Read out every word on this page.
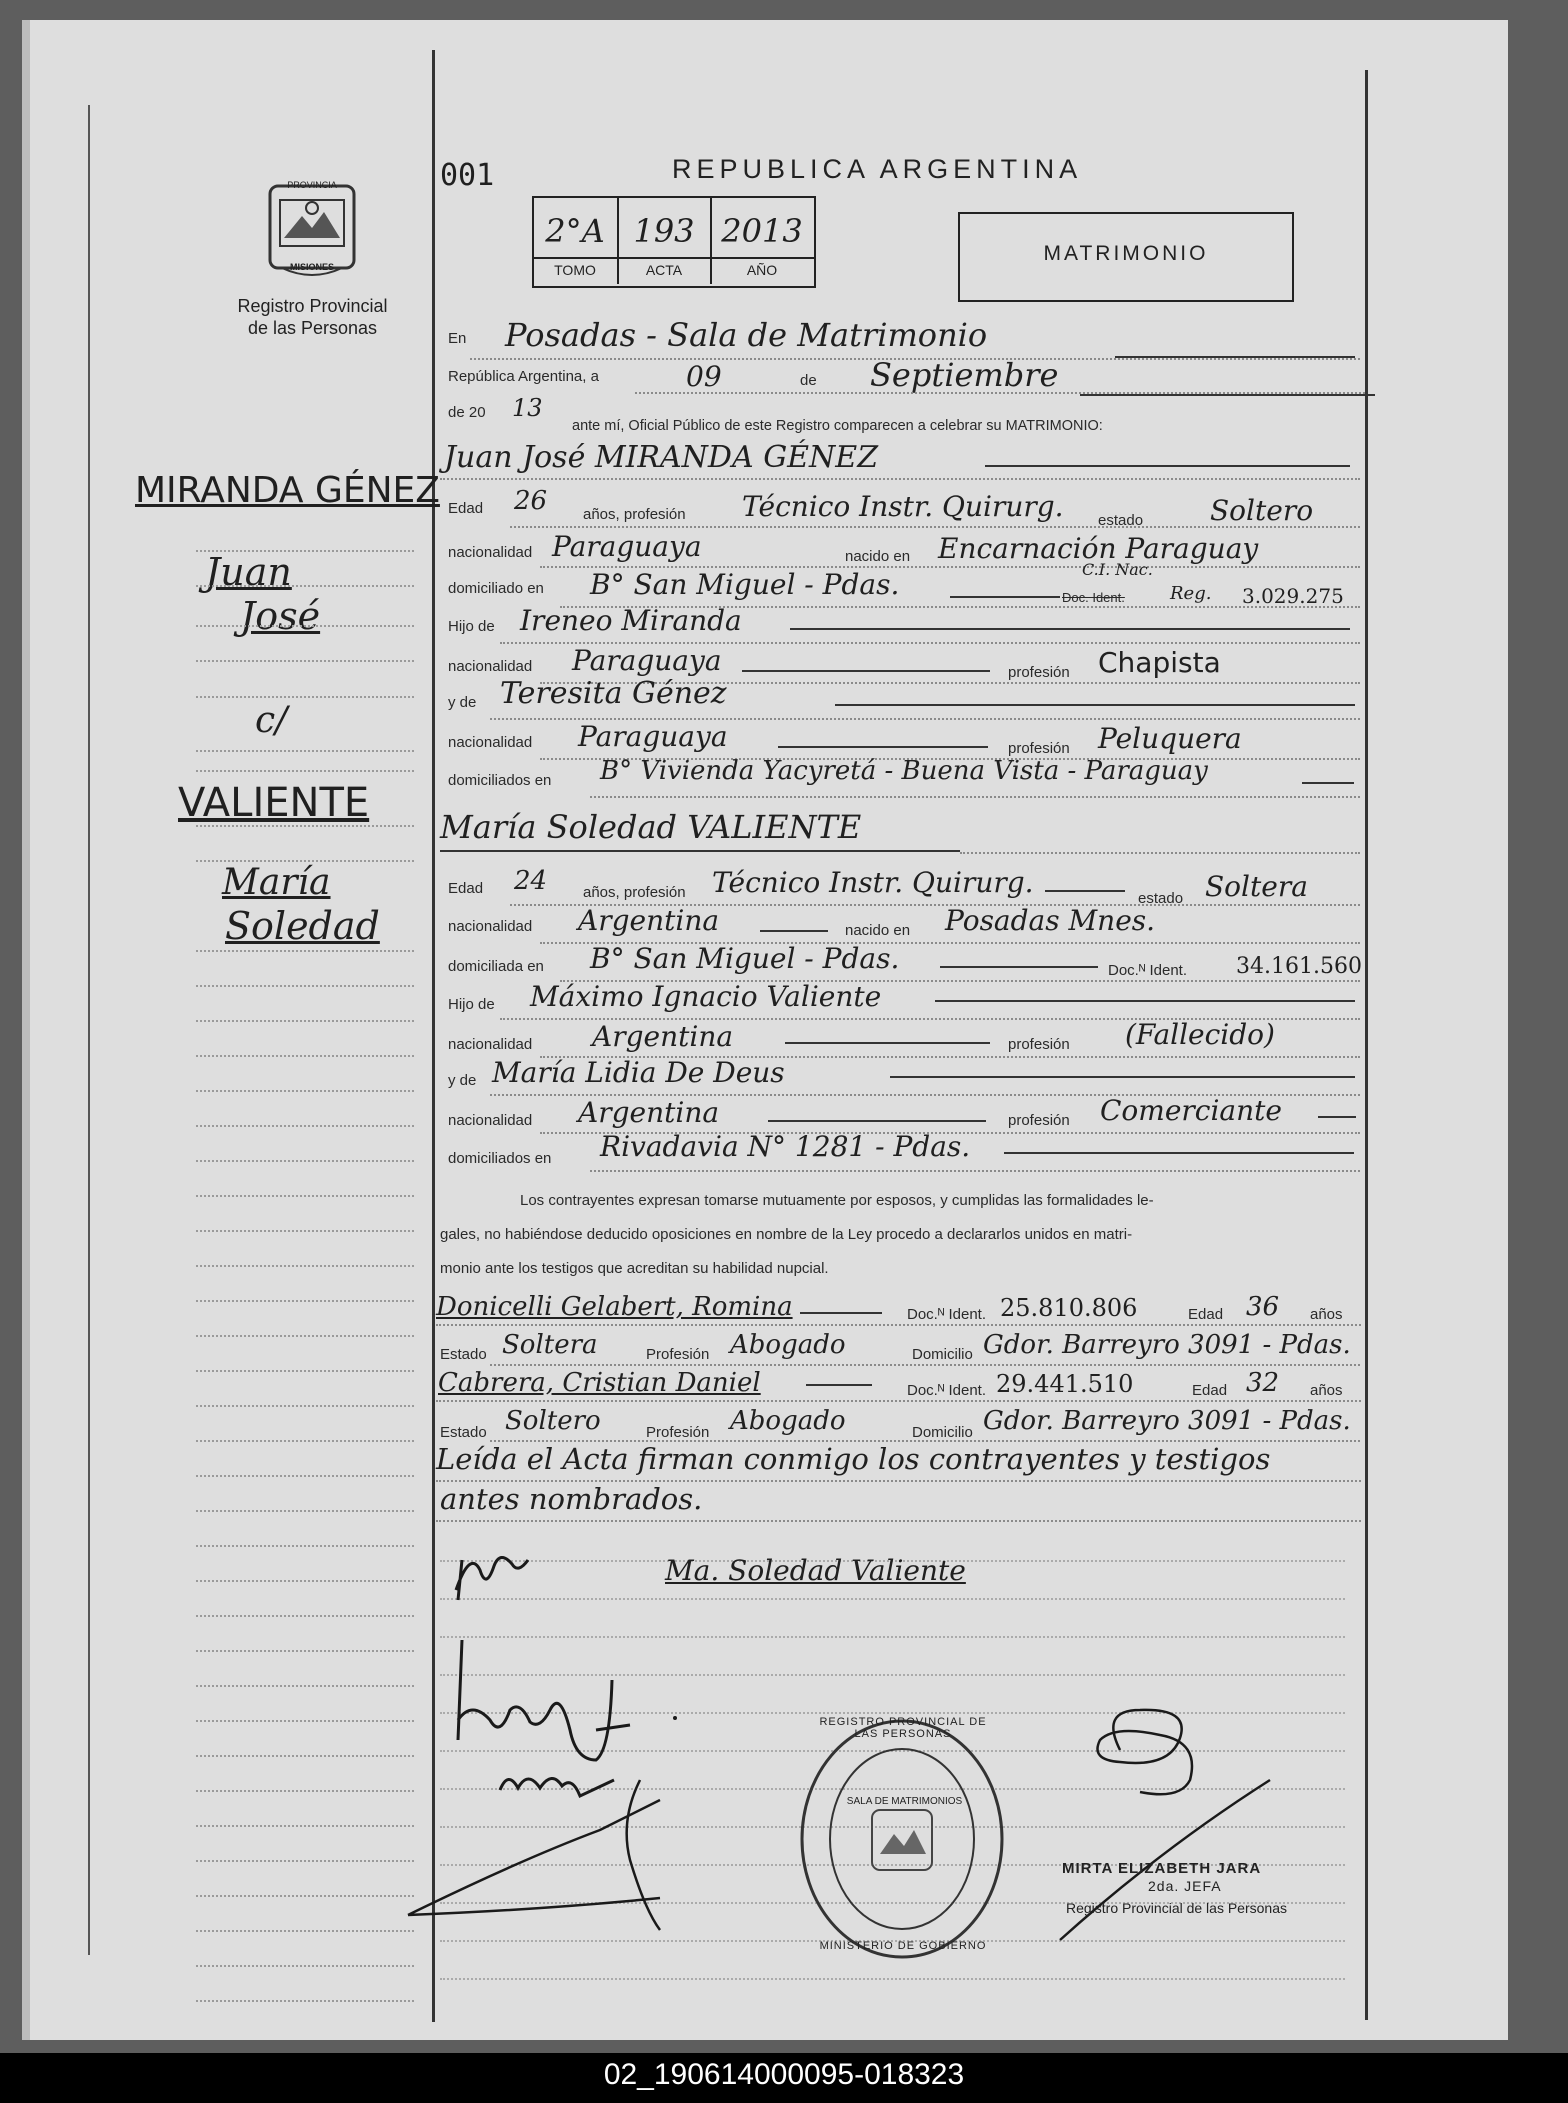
PROVINCIA
MISIONES
Registro Provincial
de las Personas
001	REPUBLICA ARGENTINA
2°A 193 2013
TOMO	ACTA	AÑO
MATRIMONIO
MIRANDA GÉNEZ
Juan
José
c/
VALIENTE
María
Soledad
En Posadas - Sala de Matrimonio
República Argentina, a	09	de Septiembre
de 20 13
ante mí, Oficial Público de este Registro comparecen a celebrar su MATRIMONIO:
Juan José MIRANDA GÉNEZ
Edad 26 años, profesión Técnico Instr. Quirurg. estado Soltero
nacionalidad Paraguaya	nacido en Encarnación Paraguay
domiciliado en B° San Miguel - Pdas.	C.I. Nac.
Doc. Ident.	Reg. 3.029.275
Hijo de Ireneo Miranda
nacionalidad Paraguaya	profesión Chapista
y de Teresita Génez
nacionalidad Paraguaya	profesión Peluquera
domiciliados en B° Vivienda Yacyretá - Buena Vista - Paraguay
María Soledad VALIENTE
Edad 24 años, profesión Técnico Instr. Quirurg.	estado Soltera
nacionalidad Argentina	nacido en Posadas Mnes.
domiciliada en B° San Miguel - Pdas.	Doc.ᴺ Ident. 34.161.560
Hijo de Máximo Ignacio Valiente
nacionalidad Argentina	profesión (Fallecido)
y de María Lidia De Deus
nacionalidad Argentina	profesión Comerciante
domiciliados en Rivadavia N° 1281 - Pdas.
Los contrayentes expresan tomarse mutuamente por esposos, y cumplidas las formalidades le-
gales, no habiéndose deducido oposiciones en nombre de la Ley procedo a declararlos unidos en matri-
monio ante los testigos que acreditan su habilidad nupcial.
Donicelli Gelabert, Romina	Doc.ᴺ Ident. 25.810.806	Edad 36 años
Estado Soltera	Profesión Abogado	Domicilio Gdor. Barreyro 3091 - Pdas.
Cabrera, Cristian Daniel	Doc.ᴺ Ident. 29.441.510	Edad 32 años
Estado Soltero	Profesión Abogado	Domicilio Gdor. Barreyro 3091 - Pdas.
Leída el Acta firman conmigo los contrayentes y testigos
antes nombrados.
Ma. Soledad Valiente
REGISTRO PROVINCIAL DE LAS PERSONAS
SALA DE MATRIMONIOS
MINISTERIO DE GOBIERNO
MIRTA ELIZABETH JARA
2da. JEFA
Registro Provincial de las Personas
02_190614000095-018323
